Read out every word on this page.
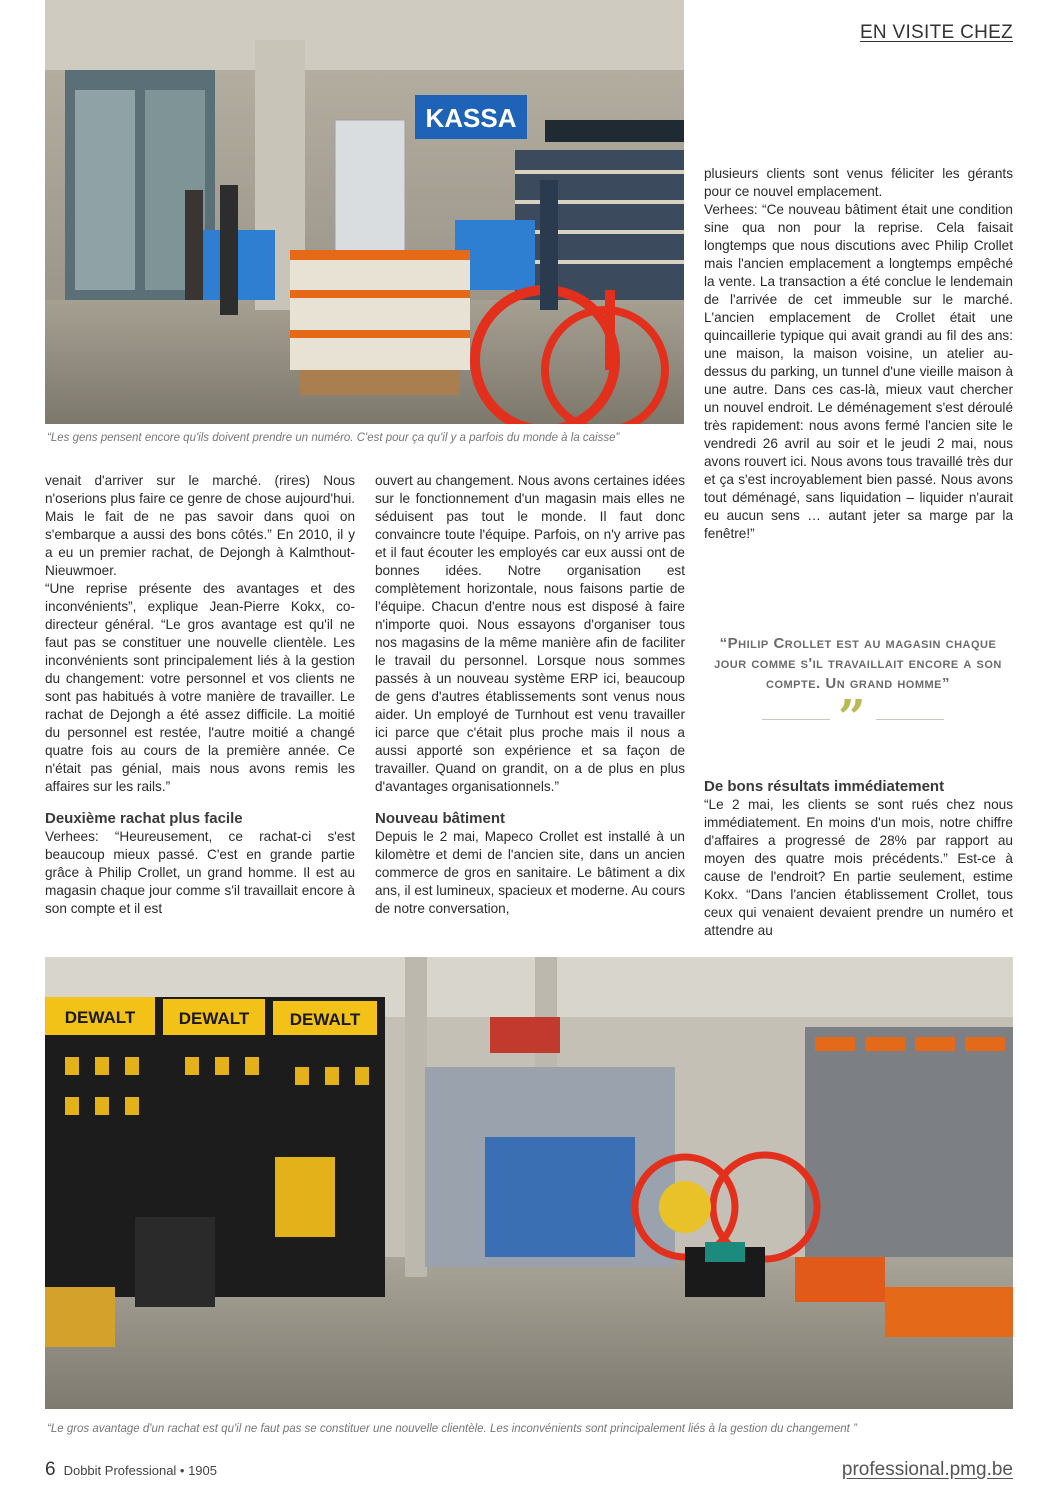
EN VISITE CHEZ
KASSA
“Les gens pensent encore qu'ils doivent prendre un numéro. C'est pour ça qu'il y a parfois du monde à la caisse”

plusieurs clients sont venus féliciter les gérants pour ce nouvel emplacement.

Verhees: “Ce nouveau bâtiment était une condition sine qua non pour la reprise. Cela faisait longtemps que nous discutions avec Philip Crollet mais l'ancien emplacement a longtemps empêché la vente. La transaction a été conclue le lendemain de l'arrivée de cet immeuble sur le marché. L'ancien emplacement de Crollet était une quincaillerie typique qui avait grandi au fil des ans: une maison, la maison voisine, un atelier au-dessus du parking, un tunnel d'une vieille maison à une autre. Dans ces cas-là, mieux vaut chercher un nouvel endroit. Le déménagement s'est déroulé très rapidement: nous avons fermé l'ancien site le vendredi 26 avril au soir et le jeudi 2 mai, nous avons rouvert ici. Nous avons tous travaillé très dur et ça s'est incroyablement bien passé. Nous avons tout déménagé, sans liquidation – liquider n'aurait eu aucun sens … autant jeter sa marge par la fenêtre!”

venait d'arriver sur le marché. (rires) Nous n'oserions plus faire ce genre de chose aujourd'hui. Mais le fait de ne pas savoir dans quoi on s'embarque a aussi des bons côtés.” En 2010, il y a eu un premier rachat, de Dejongh à Kalmthout-Nieuwmoer.

“Une reprise présente des avantages et des inconvénients”, explique Jean-Pierre Kokx, co-directeur général. “Le gros avantage est qu'il ne faut pas se constituer une nouvelle clientèle. Les inconvénients sont principalement liés à la gestion du changement: votre personnel et vos clients ne sont pas habitués à votre manière de travailler. Le rachat de Dejongh a été assez difficile. La moitié du personnel est restée, l'autre moitié a changé quatre fois au cours de la première année. Ce n'était pas génial, mais nous avons remis les affaires sur les rails.”

Deuxième rachat plus facile

Verhees: “Heureusement, ce rachat-ci s'est beaucoup mieux passé. C'est en grande partie grâce à Philip Crollet, un grand homme. Il est au magasin chaque jour comme s'il travaillait encore à son compte et il est

ouvert au changement. Nous avons certaines idées sur le fonctionnement d'un magasin mais elles ne séduisent pas tout le monde. Il faut donc convaincre toute l'équipe. Parfois, on n'y arrive pas et il faut écouter les employés car eux aussi ont de bonnes idées. Notre organisation est complètement horizontale, nous faisons partie de l'équipe. Chacun d'entre nous est disposé à faire n'importe quoi. Nous essayons d'organiser tous nos magasins de la même manière afin de faciliter le travail du personnel. Lorsque nous sommes passés à un nouveau système ERP ici, beaucoup de gens d'autres établissements sont venus nous aider. Un employé de Turnhout est venu travailler ici parce que c'était plus proche mais il nous a aussi apporté son expérience et sa façon de travailler. Quand on grandit, on a de plus en plus d'avantages organisationnels.”

Nouveau bâtiment

Depuis le 2 mai, Mapeco Crollet est installé à un kilomètre et demi de l'ancien site, dans un ancien commerce de gros en sanitaire. Le bâtiment a dix ans, il est lumineux, spacieux et moderne. Au cours de notre conversation,

“Philip Crollet est au magasin chaque jour comme s'il travaillait encore a son compte. Un grand homme”
”
De bons résultats immédiatement

“Le 2 mai, les clients se sont rués chez nous immédiatement. En moins d'un mois, notre chiffre d'affaires a progressé de 28% par rapport au moyen des quatre mois précédents.” Est-ce à cause de l'endroit? En partie seulement, estime Kokx. “Dans l'ancien établissement Crollet, tous ceux qui venaient devaient prendre un numéro et attendre au

DEWALT	DEWALT DEWALT
“Le gros avantage d'un rachat est qu'il ne faut pas se constituer une nouvelle clientèle. Les inconvénients sont principalement liés à la gestion du changement ”
6 Dobbit Professional • 1905	professional.pmg.be
